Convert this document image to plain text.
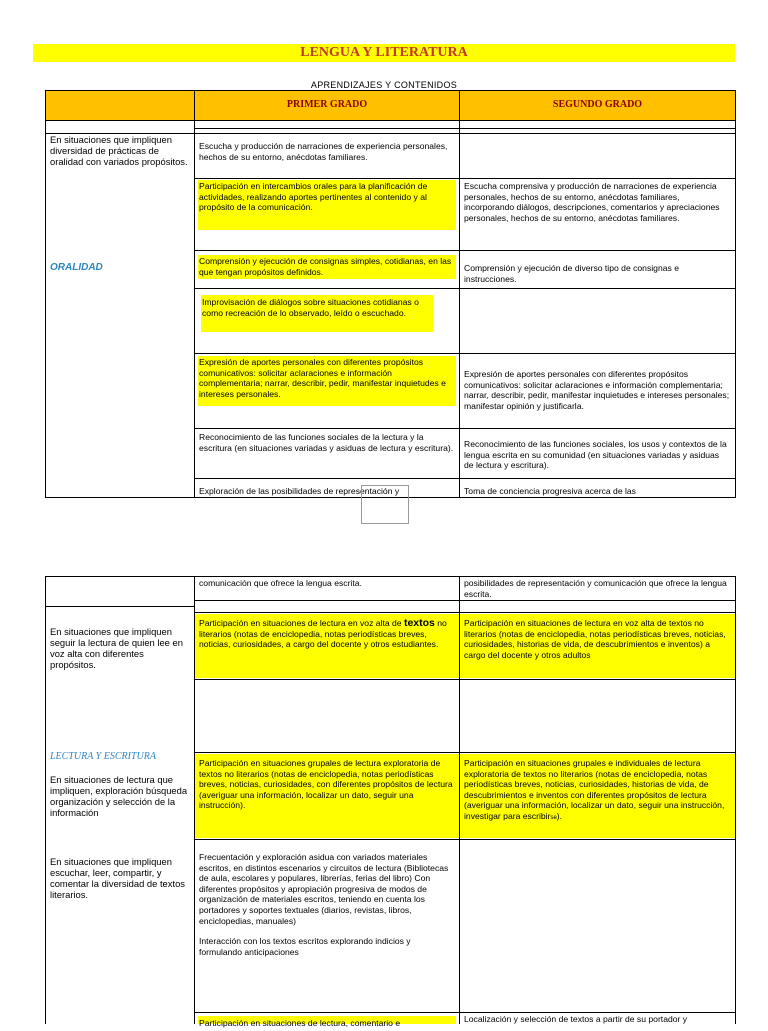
LENGUA Y LITERATURA
APRENDIZAJES Y CONTENIDOS
PRIMER GRADO	SEGUNDO GRADO
En situaciones que impliquen diversidad de prácticas de oralidad con variados propósitos.
ORALIDAD
Escucha y producción de narraciones de experiencia personales, hechos de su entorno, anécdotas familiares.
Participación en intercambios orales para la planificación de actividades, realizando aportes pertinentes al contenido y al propósito de la comunicación.
Comprensión y ejecución de consignas simples, cotidianas, en las que tengan propósitos definidos.
Improvisación de diálogos sobre situaciones cotidianas o como recreación de lo observado, leído o escuchado.
Expresión de aportes personales con diferentes propósitos comunicativos: solicitar aclaraciones e información complementaria; narrar, describir, pedir, manifestar inquietudes e intereses personales.
Reconocimiento de las funciones sociales de la lectura y la escritura (en situaciones variadas y asiduas de lectura y escritura).
Exploración de las posibilidades de representación y
Escucha comprensiva y producción de narraciones de experiencia personales, hechos de su entorno, anécdotas familiares, incorporando diálogos, descripciones, comentarios y apreciaciones personales, hechos de su entorno, anécdotas familiares.
Comprensión y ejecución de diverso tipo de consignas e instrucciones.
Expresión de aportes personales con diferentes propósitos comunicativos: solicitar aclaraciones e información complementaria; narrar, describir, pedir, manifestar inquietudes e intereses personales; manifestar opinión y justificarla.
Reconocimiento de las funciones sociales, los usos y contextos de la lengua escrita en su comunidad (en situaciones variadas y asiduas de lectura y escritura).
Toma de conciencia progresiva acerca de las
En situaciones que impliquen seguir la lectura de quien lee en voz alta con diferentes propósitos.
LECTURA Y ESCRITURA
En situaciones de lectura que impliquen, exploración búsqueda organización y selección de la información
En situaciones que impliquen escuchar, leer, compartir, y comentar la diversidad de textos literarios.
comunicación que ofrece la lengua escrita.
Participación en situaciones de lectura en voz alta de textos no literarios (notas de enciclopedia, notas periodísticas breves, noticias, curiosidades, a cargo del docente y otros estudiantes.
Participación en situaciones grupales de lectura exploratoria de textos no literarios (notas de enciclopedia, notas periodísticas breves, noticias, curiosidades, con diferentes propósitos de lectura (averiguar una información, localizar un dato, seguir una instrucción).
Frecuentación y exploración asidua con variados materiales escritos, en distintos escenarios y circuitos de lectura (Bibliotecas de aula, escolares y populares, librerías, ferias del libro) Con diferentes propósitos y apropiación progresiva de modos de organización de materiales escritos, teniendo en cuenta los portadores y soportes textuales (diarios, revistas, libros, enciclopedias, manuales)
Interacción con los textos escritos explorando indicios y formulando anticipaciones
Participación en situaciones de lectura, comentario e
posibilidades de representación y comunicación que ofrece la lengua escrita.
Participación en situaciones de lectura en voz alta de textos no literarios (notas de enciclopedia, notas periodísticas breves, noticias, curiosidades, historias de vida, de descubrimientos e inventos) a cargo del docente y otros adultos
Participación en situaciones grupales e individuales de lectura exploratoria de textos no literarios (notas de enciclopedia, notas periodísticas breves, noticias, curiosidades, historias de vida, de descubrimientos e inventos con diferentes propósitos de lectura (averiguar una información, localizar un dato, seguir una instrucción, investigar para escribirse).
Localización y selección de textos a partir de su portador y
